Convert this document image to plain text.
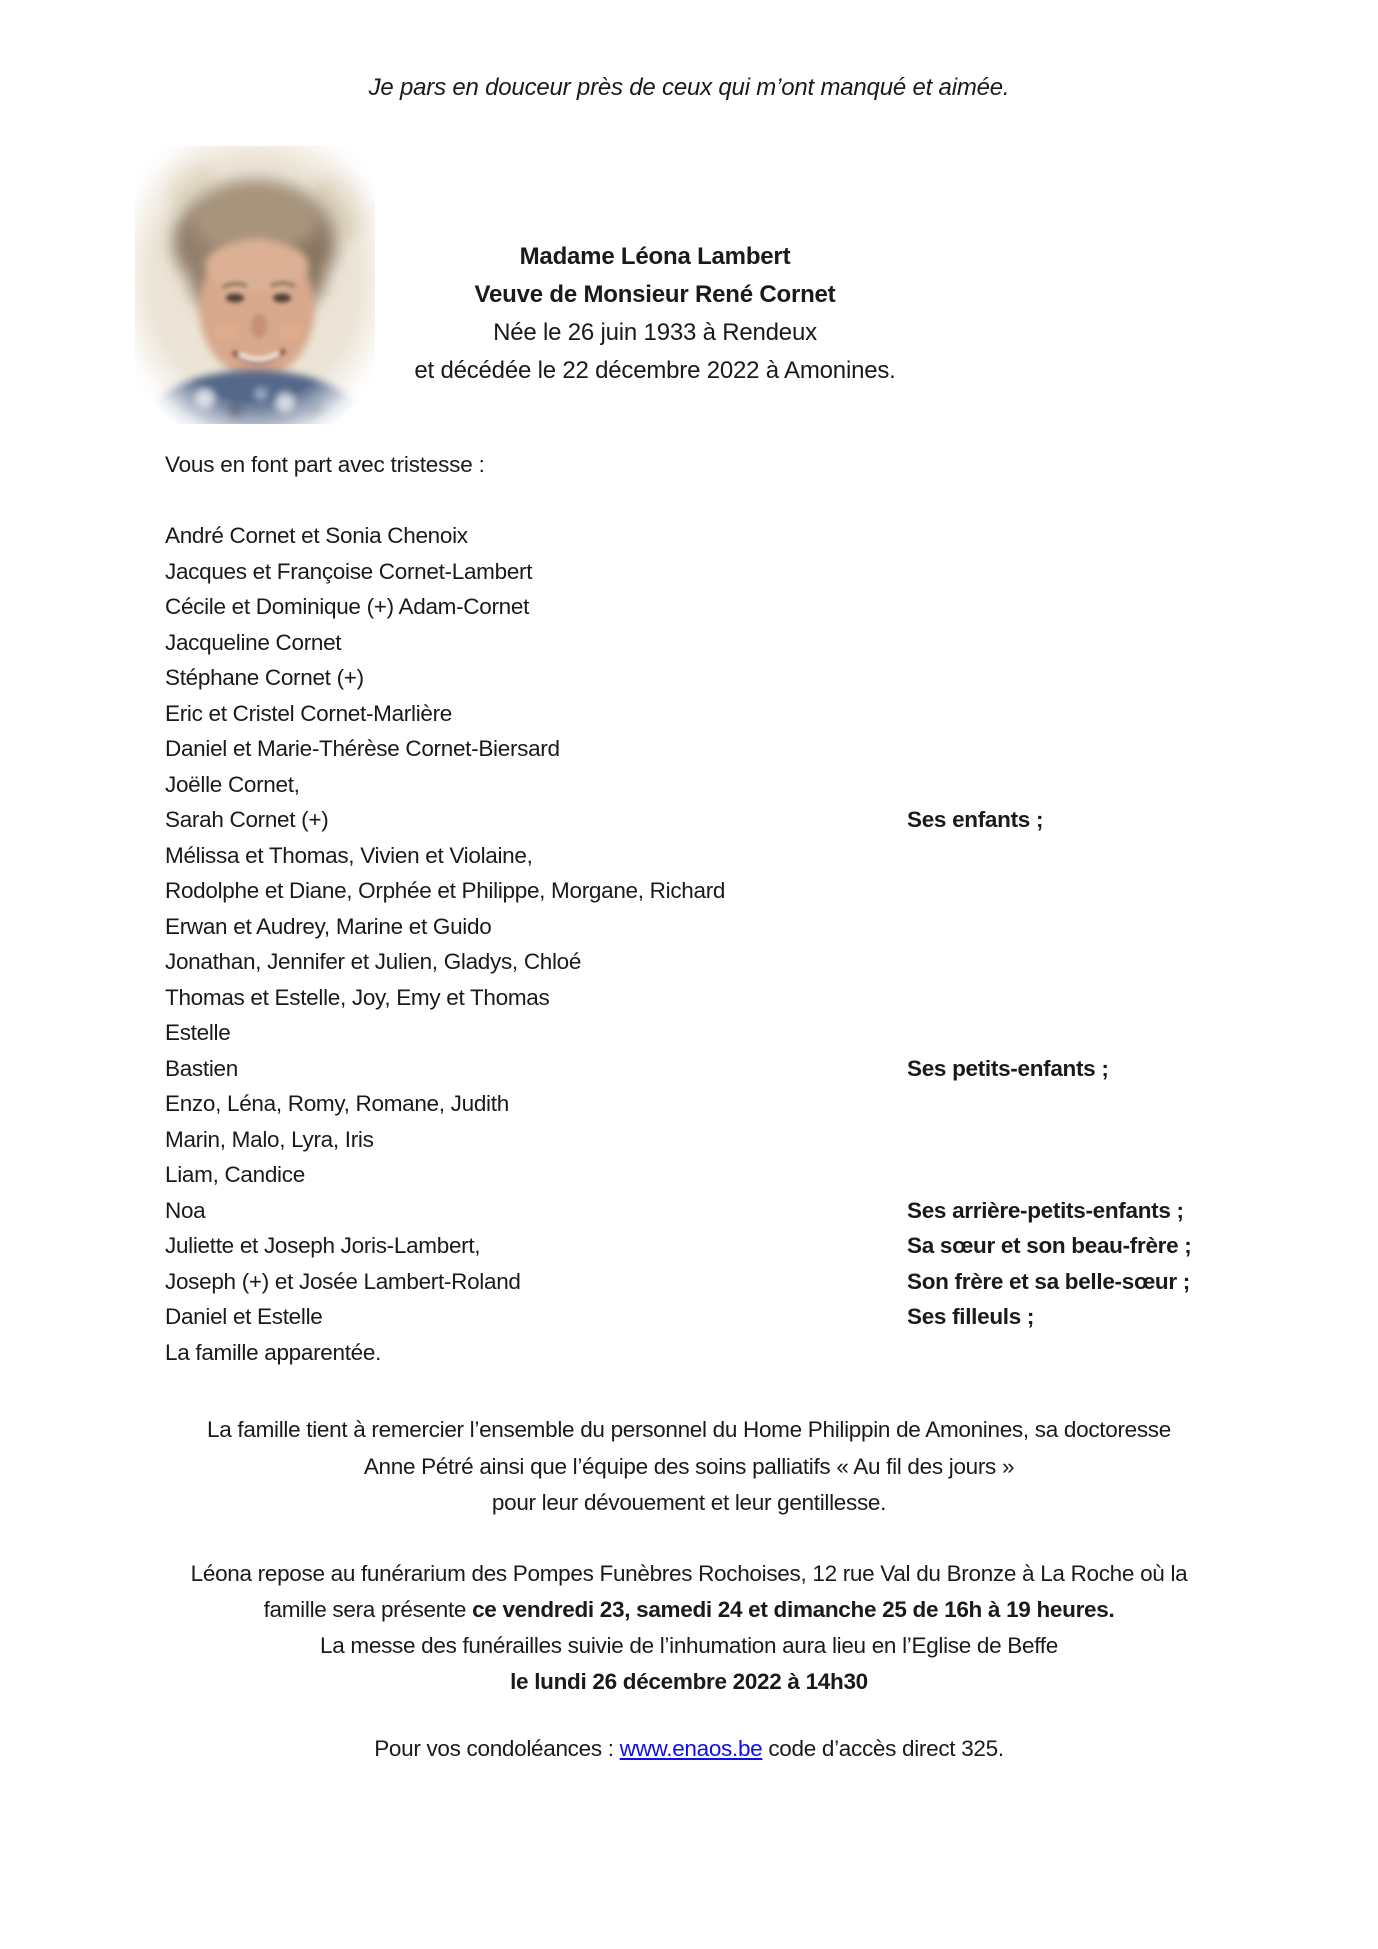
Je pars en douceur près de ceux qui m’ont manqué et aimée.
Madame Léona Lambert
Veuve de Monsieur René Cornet
Née le 26 juin 1933 à Rendeux
et décédée le 22 décembre 2022 à Amonines.
Vous en font part avec tristesse :
André Cornet et Sonia Chenoix
Jacques et Françoise Cornet-Lambert
Cécile et Dominique (+) Adam-Cornet
Jacqueline Cornet
Stéphane Cornet (+)
Eric et Cristel Cornet-Marlière
Daniel et Marie-Thérèse Cornet-Biersard
Joëlle Cornet,
Sarah Cornet (+)	Ses enfants ;
Mélissa et Thomas, Vivien et Violaine,
Rodolphe et Diane, Orphée et Philippe, Morgane, Richard
Erwan et Audrey, Marine et Guido
Jonathan, Jennifer et Julien, Gladys, Chloé
Thomas et Estelle, Joy, Emy et Thomas
Estelle
Bastien	Ses petits-enfants ;
Enzo, Léna, Romy, Romane, Judith
Marin, Malo, Lyra, Iris
Liam, Candice
Noa	Ses arrière-petits-enfants ;
Juliette et Joseph Joris-Lambert,	Sa sœur et son beau-frère ;
Joseph (+) et Josée Lambert-Roland	Son frère et sa belle-sœur ;
Daniel et Estelle	Ses filleuls ;
La famille apparentée.
La famille tient à remercier l’ensemble du personnel du Home Philippin de Amonines, sa doctoresse
Anne Pétré ainsi que l’équipe des soins palliatifs « Au fil des jours »
pour leur dévouement et leur gentillesse.
Léona repose au funérarium des Pompes Funèbres Rochoises, 12 rue Val du Bronze à La Roche où la
famille sera présente ce vendredi 23, samedi 24 et dimanche 25 de 16h à 19 heures.
La messe des funérailles suivie de l’inhumation aura lieu en l’Eglise de Beffe
le lundi 26 décembre 2022 à 14h30
Pour vos condoléances : www.enaos.be code d’accès direct 325.
